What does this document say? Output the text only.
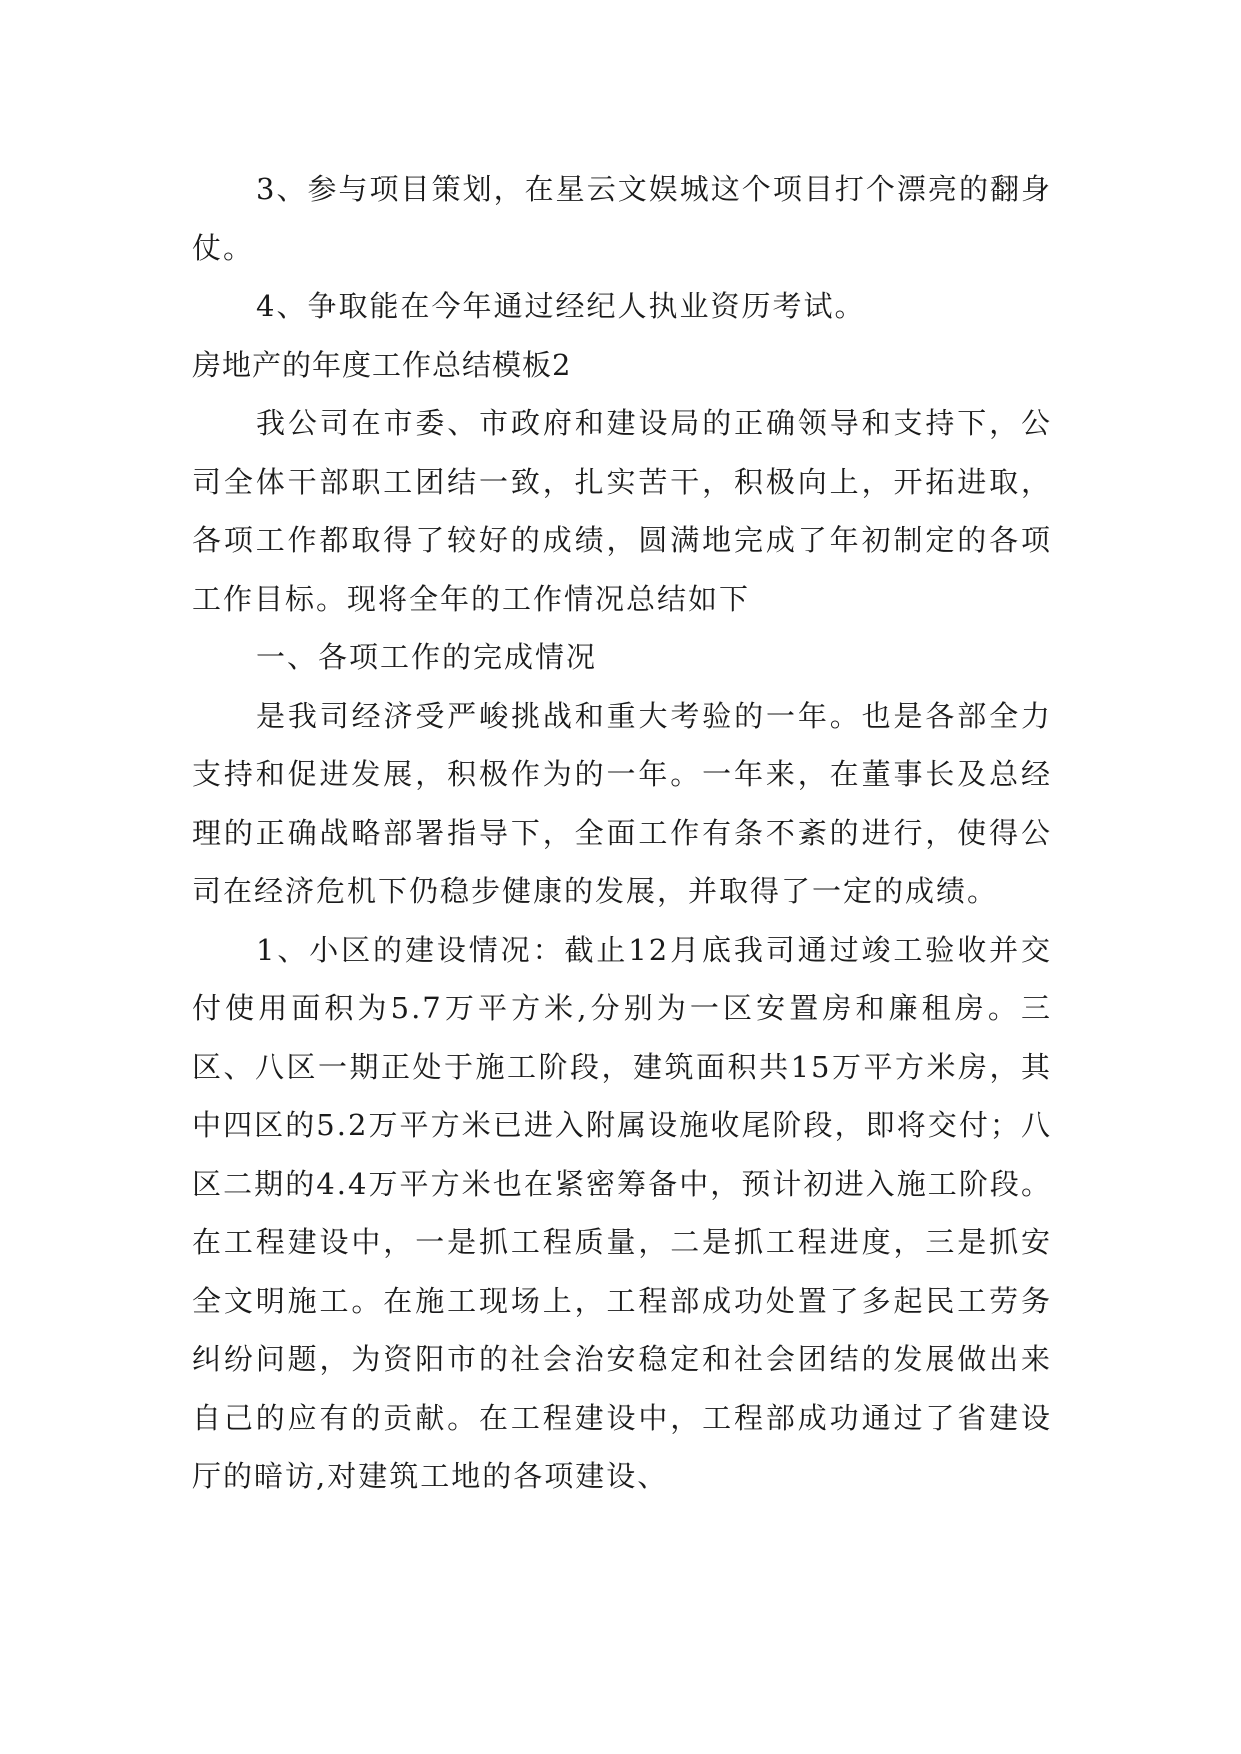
3、参与项目策划，在星云文娱城这个项目打个漂亮的翻身仗。

4、争取能在今年通过经纪人执业资历考试。

房地产的年度工作总结模板2

我公司在市委、市政府和建设局的正确领导和支持下，公司全体干部职工团结一致，扎实苦干，积极向上，开拓进取，各项工作都取得了较好的成绩，圆满地完成了年初制定的各项工作目标。现将全年的工作情况总结如下

一、各项工作的完成情况

是我司经济受严峻挑战和重大考验的一年。也是各部全力支持和促进发展，积极作为的一年。一年来，在董事长及总经理的正确战略部署指导下，全面工作有条不紊的进行，使得公司在经济危机下仍稳步健康的发展，并取得了一定的成绩。

1、小区的建设情况：截止12月底我司通过竣工验收并交付使用面积为5.7万平方米,分别为一区安置房和廉租房。三区、八区一期正处于施工阶段，建筑面积共15万平方米房，其中四区的5.2万平方米已进入附属设施收尾阶段，即将交付；八区二期的4.4万平方米也在紧密筹备中，预计初进入施工阶段。在工程建设中，一是抓工程质量，二是抓工程进度，三是抓安全文明施工。在施工现场上，工程部成功处置了多起民工劳务纠纷问题，为资阳市的社会治安稳定和社会团结的发展做出来自己的应有的贡献。在工程建设中，工程部成功通过了省建设厅的暗访,对建筑工地的各项建设、
